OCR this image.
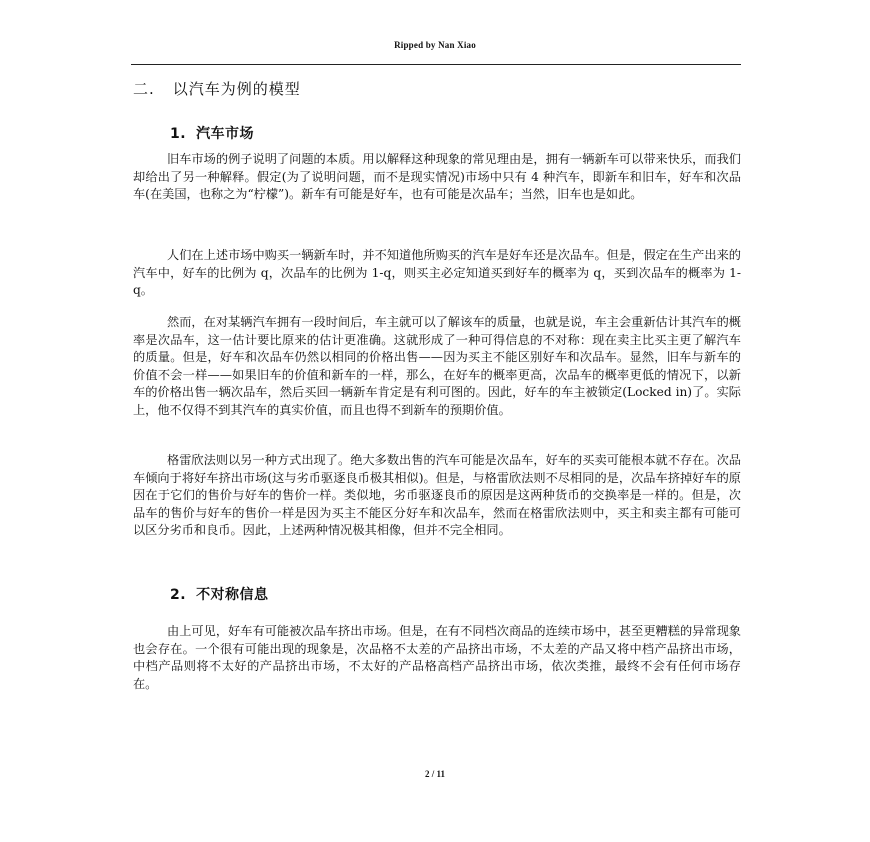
Ripped by Nan Xiao
二. 以汽车为例的模型
1. 汽车市场

旧车市场的例子说明了问题的本质。用以解释这种现象的常见理由是，拥有一辆新车可以带来快乐，而我们却给出了另一种解释。假定(为了说明问题，而不是现实情况)市场中只有 4 种汽车，即新车和旧车，好车和次品车(在美国，也称之为“柠檬”)。新车有可能是好车，也有可能是次品车；当然，旧车也是如此。

人们在上述市场中购买一辆新车时，并不知道他所购买的汽车是好车还是次品车。但是，假定在生产出来的汽车中，好车的比例为 q，次品车的比例为 1-q，则买主必定知道买到好车的概率为 q，买到次品车的概率为 1-q。

然而，在对某辆汽车拥有一段时间后，车主就可以了解该车的质量，也就是说，车主会重新估计其汽车的概率是次品车，这一估计要比原来的估计更准确。这就形成了一种可得信息的不对称：现在卖主比买主更了解汽车的质量。但是，好车和次品车仍然以相同的价格出售——因为买主不能区别好车和次品车。显然，旧车与新车的价值不会一样——如果旧车的价值和新车的一样，那么，在好车的概率更高，次品车的概率更低的情况下，以新车的价格出售一辆次品车，然后买回一辆新车肯定是有利可图的。因此，好车的车主被锁定(Locked in)了。实际上，他不仅得不到其汽车的真实价值，而且也得不到新车的预期价值。

格雷欣法则以另一种方式出现了。绝大多数出售的汽车可能是次品车，好车的买卖可能根本就不存在。次品车倾向于将好车挤出市场(这与劣币驱逐良币极其相似)。但是，与格雷欣法则不尽相同的是，次品车挤掉好车的原因在于它们的售价与好车的售价一样。类似地，劣币驱逐良币的原因是这两种货币的交换率是一样的。但是，次品车的售价与好车的售价一样是因为买主不能区分好车和次品车，然而在格雷欣法则中，买主和卖主都有可能可以区分劣币和良币。因此，上述两种情况极其相像，但并不完全相同。

2. 不对称信息

由上可见，好车有可能被次品车挤出市场。但是，在有不同档次商品的连续市场中，甚至更糟糕的异常现象也会存在。一个很有可能出现的现象是，次品格不太差的产品挤出市场，不太差的产品又将中档产品挤出市场，中档产品则将不太好的产品挤出市场，不太好的产品格高档产品挤出市场，依次类推，最终不会有任何市场存在。

2 / 11
